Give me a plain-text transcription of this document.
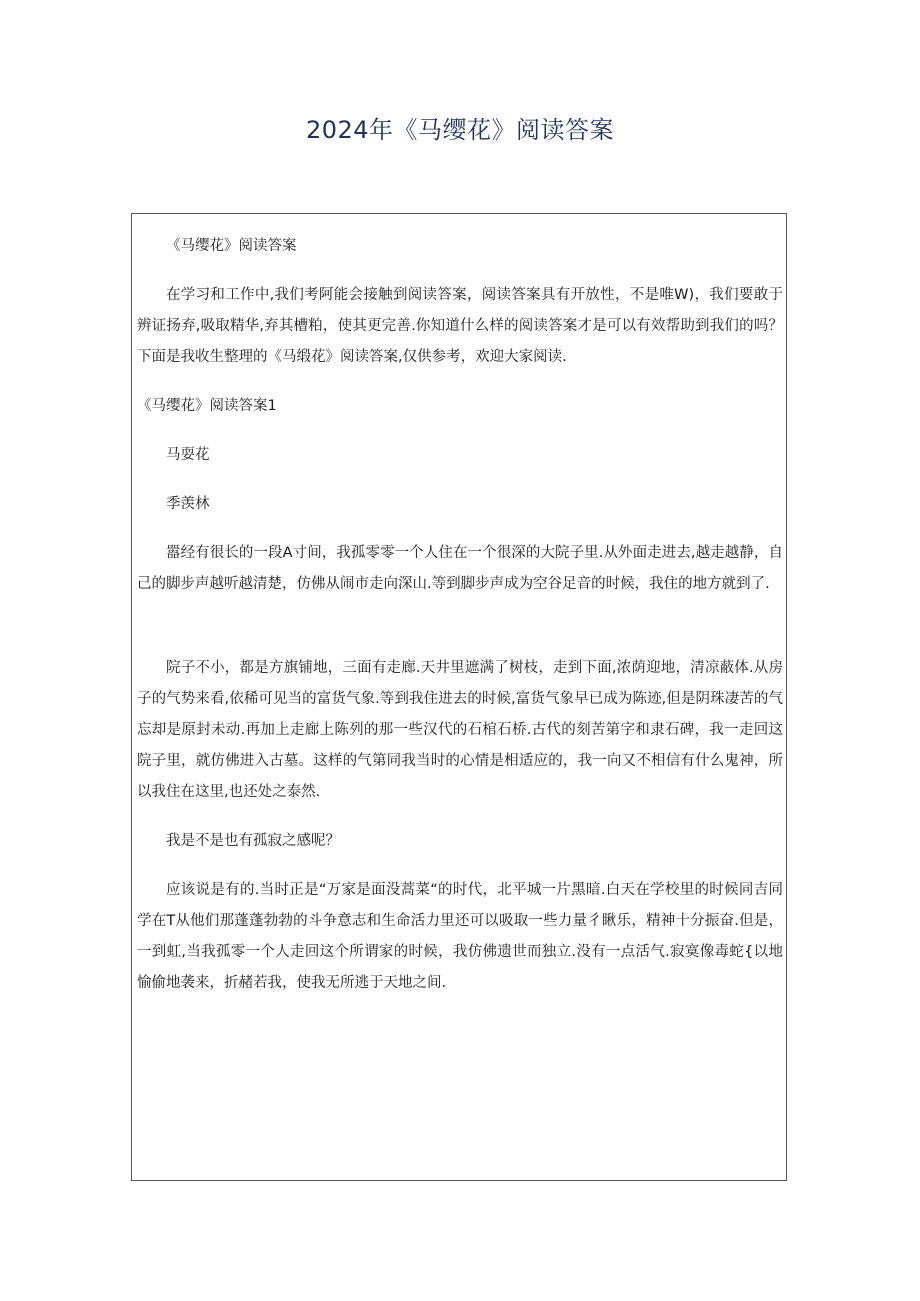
2024年《马缨花》阅读答案

《马缨花》阅读答案

在学习和工作中,我们考阿能会接触到阅读答案，阅读答案具有开放性，不是唯W)，我们要敢于辨证扬弃,吸取精华,弃其槽粕，使其更完善.你知道什么样的阅读答案才是可以有效帮助到我们的吗？下面是我收生整理的《马缎花》阅读答案,仅供参考，欢迎大家阅读.

《马缨花》阅读答案1

马耍花

季羡林

嚣经有很长的一段A寸间，我孤零零一个人住在一个很深的大院子里.从外面走进去,越走越静，自己的脚步声越听越清楚，仿佛从闹市走向深山.等到脚步声成为空谷足音的时候，我住的地方就到了.

院子不小，都是方旗铺地，三面有走廊.天井里遮满了树枝，走到下面,浓荫迎地，清凉蔽体.从房子的气势来看,依稀可见当的富货气象.等到我住进去的时候,富货气象早已成为陈迹,但是阴珠凄苦的气忘却是原封未动.再加上走廊上陈列的那一些汉代的石棺石桥.古代的刻苦第字和隶石碑，我一走回这院子里，就仿佛进入古墓。这样的气第同我当时的心情是相适应的，我一向又不相信有什么鬼神，所以我住在这里,也还处之泰然.

我是不是也有孤寂之感呢？

应该说是有的.当时正是“万家是面没蒿菜“的时代，北平城一片黑暗.白天在学校里的时候同吉同学在T从他们那蓬蓬勃勃的斗争意志和生命活力里还可以吸取一些力量彳瞅乐，精神十分振奋.但是，一到虹,当我孤零一个人走回这个所谓家的时候，我仿佛遗世而独立.没有一点活气.寂寞像毒蛇{以地愉偷地袭来，折赭若我，使我无所逃于天地之间.
